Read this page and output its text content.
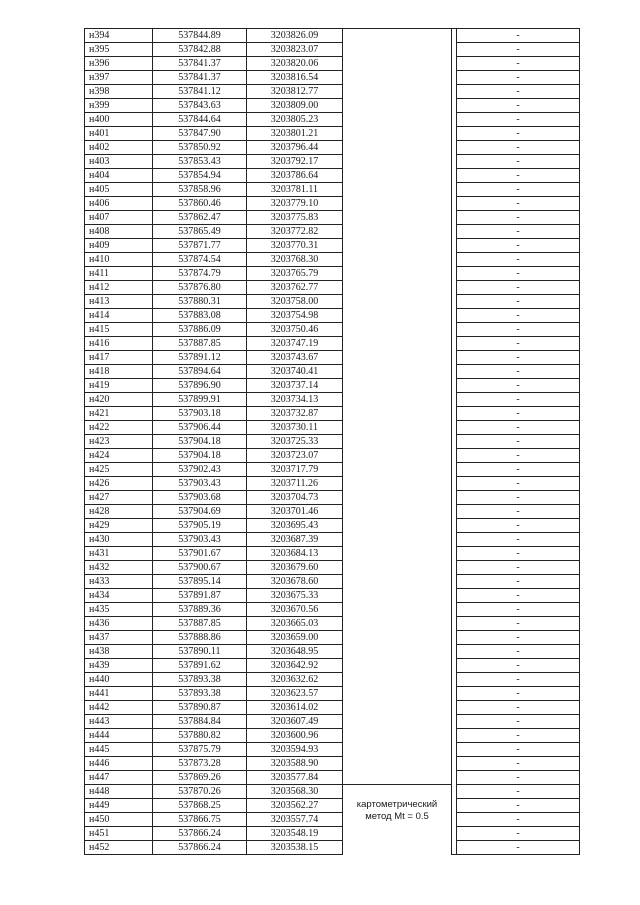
н394	537844.89	3203826.09			-
н395	537842.88	3203823.07			-
н396	537841.37	3203820.06			-
н397	537841.37	3203816.54			-
н398	537841.12	3203812.77			-
н399	537843.63	3203809.00			-
н400	537844.64	3203805.23			-
н401	537847.90	3203801.21			-
н402	537850.92	3203796.44			-
н403	537853.43	3203792.17			-
н404	537854.94	3203786.64			-
н405	537858.96	3203781.11			-
н406	537860.46	3203779.10			-
н407	537862.47	3203775.83			-
н408	537865.49	3203772.82			-
н409	537871.77	3203770.31			-
н410	537874.54	3203768.30			-
н411	537874.79	3203765.79			-
н412	537876.80	3203762.77			-
н413	537880.31	3203758.00			-
н414	537883.08	3203754.98			-
н415	537886.09	3203750.46			-
н416	537887.85	3203747.19			-
н417	537891.12	3203743.67			-
н418	537894.64	3203740.41			-
н419	537896.90	3203737.14			-
н420	537899.91	3203734.13			-
н421	537903.18	3203732.87			-
н422	537906.44	3203730.11			-
н423	537904.18	3203725.33			-
н424	537904.18	3203723.07			-
н425	537902.43	3203717.79			-
н426	537903.43	3203711.26			-
н427	537903.68	3203704.73			-
н428	537904.69	3203701.46			-
н429	537905.19	3203695.43			-
н430	537903.43	3203687.39			-
н431	537901.67	3203684.13			-
н432	537900.67	3203679.60			-
н433	537895.14	3203678.60			-
н434	537891.87	3203675.33			-
н435	537889.36	3203670.56			-
н436	537887.85	3203665.03			-
н437	537888.86	3203659.00			-
н438	537890.11	3203648.95			-
н439	537891.62	3203642.92			-
н440	537893.38	3203632.62			-
н441	537893.38	3203623.57			-
н442	537890.87	3203614.02			-
н443	537884.84	3203607.49			-
н444	537880.82	3203600.96			-
н445	537875.79	3203594.93			-
н446	537873.28	3203588.90			-
н447	537869.26	3203577.84			-
н448	537870.26	3203568.30	картометрический
метод Mt = 0.5		-
н449	537868.25	3203562.27			-
н450	537866.75	3203557.74			-
н451	537866.24	3203548.19			-
н452	537866.24	3203538.15			-
